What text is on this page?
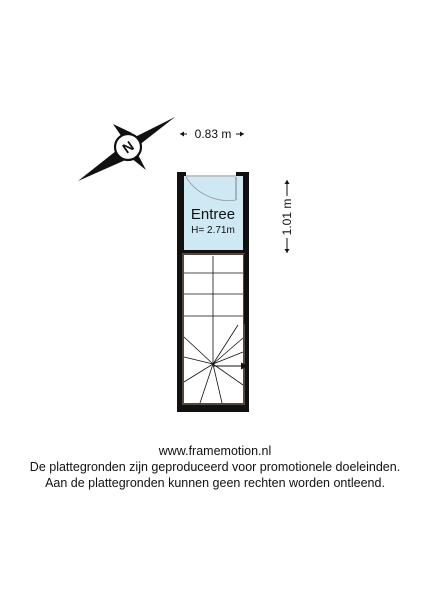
N
0.83 m
1.01 m
Entree
H= 2.71m
www.framemotion.nl
De plattegronden zijn geproduceerd voor promotionele doeleinden.
Aan de plattegronden kunnen geen rechten worden ontleend.
